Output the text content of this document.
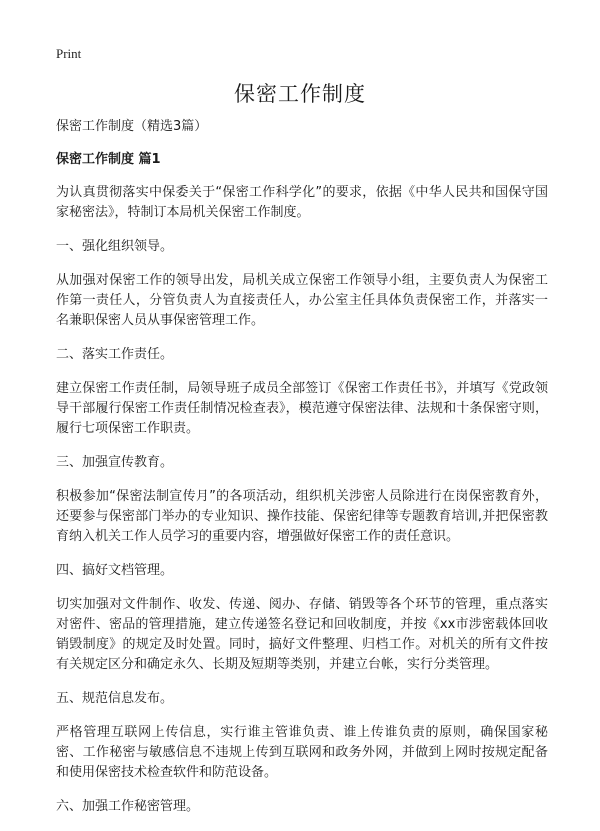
Print
保密工作制度

保密工作制度（精选3篇）

保密工作制度 篇1

为认真贯彻落实中保委关于“保密工作科学化”的要求，依据《中华人民共和国保守国家秘密法》，特制订本局机关保密工作制度。

一、强化组织领导。

从加强对保密工作的领导出发，局机关成立保密工作领导小组，主要负责人为保密工作第一责任人，分管负责人为直接责任人，办公室主任具体负责保密工作，并落实一名兼职保密人员从事保密管理工作。

二、落实工作责任。

建立保密工作责任制，局领导班子成员全部签订《保密工作责任书》，并填写《党政领导干部履行保密工作责任制情况检查表》，模范遵守保密法律、法规和十条保密守则，履行七项保密工作职责。

三、加强宣传教育。

积极参加“保密法制宣传月”的各项活动，组织机关涉密人员除进行在岗保密教育外，还要参与保密部门举办的专业知识、操作技能、保密纪律等专题教育培训,并把保密教育纳入机关工作人员学习的重要内容，增强做好保密工作的责任意识。

四、搞好文档管理。

切实加强对文件制作、收发、传递、阅办、存储、销毁等各个环节的管理，重点落实对密件、密品的管理措施，建立传递签名登记和回收制度，并按《xx市涉密载体回收销毁制度》的规定及时处置。同时，搞好文件整理、归档工作。对机关的所有文件按有关规定区分和确定永久、长期及短期等类别，并建立台帐，实行分类管理。

五、规范信息发布。

严格管理互联网上传信息，实行谁主管谁负责、谁上传谁负责的原则，确保国家秘密、工作秘密与敏感信息不违规上传到互联网和政务外网，并做到上网时按规定配备和使用保密技术检查软件和防范设备。

六、加强工作秘密管理。
